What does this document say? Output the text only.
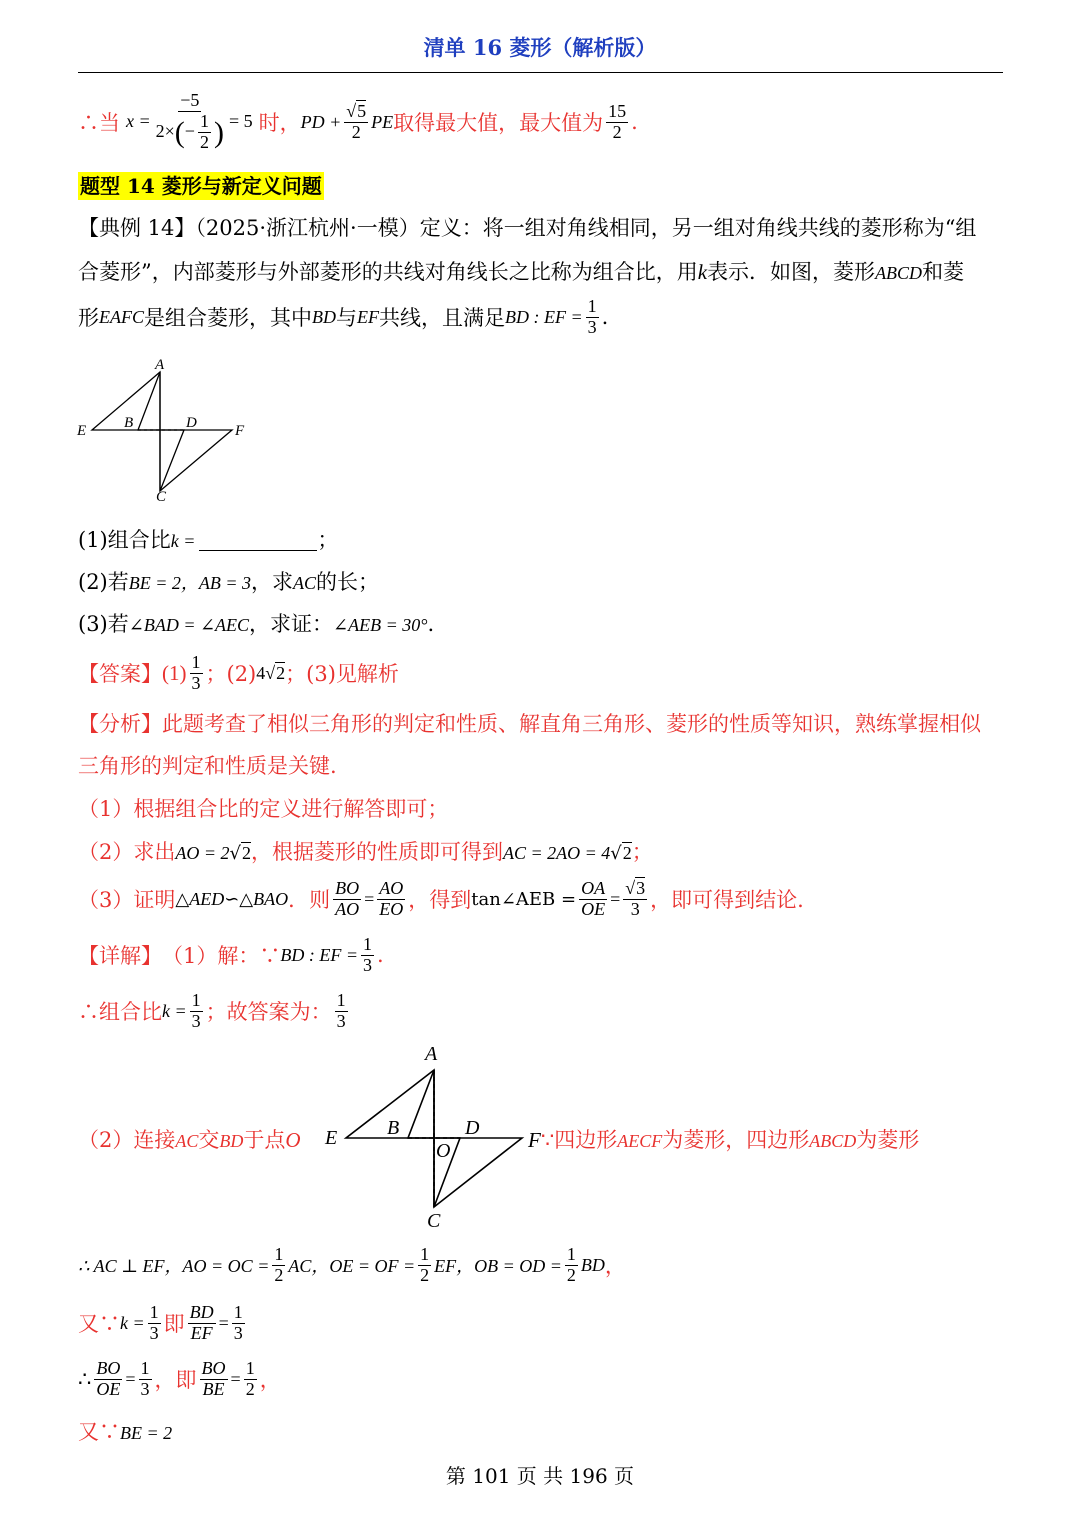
清单 16 菱形（解析版）
∴当 $x = \frac{-5}{2\times ( - \frac{1}{2} )} = 5$ 时， PD + $\frac{√5}{2}$ PE 取得最大值，最大值为 $\frac{15}{2}$ .
题型 14 菱形与新定义问题
【典例 14】（2025·浙江杭州·一模）定义：将一组对角线相同，另一组对角线共线的菱形称为“组
合菱形”，内部菱形与外部菱形的共线对角线长之比称为组合比，用k表示．如图，菱形ABCD和菱
形 EAFC 是组合菱形，其中 BD 与 EF 共线，且满足 BD : EF = $\frac{1}{3}$ .
A
B
C
D
E	F
(1)组合比k =	；
(2)若BE = 2，AB = 3，求AC的长；
(3)若∠BAD = ∠AEC，求证：∠AEB = 30°.
【答案】 $(1) \frac{1}{3}$ ；(2) 4√2 ；(3)见解析
【分析】此题考查了相似三角形的判定和性质、解直角三角形、菱形的性质等知识，熟练掌握相似
三角形的判定和性质是关键.
（1）根据组合比的定义进行解答即可；
（2）求出AO = 2√2，根据菱形的性质即可得到AC = 2AO = 4√2；
（3）证明 △AED∽△BAO ．则 $\frac{BO}{AO} = \frac{AO}{EO}$ ，得到 tan∠AEB = $\frac{OA}{OE} = \frac{√3}{3}$ ，即可得到结论.
【详解】 （1）解：∵ BD : EF = $\frac{1}{3}$ .
∴组合比 $k = \frac{1}{3}$ ；故答案为： $\frac{1}{3}$
（2）连接AC交BD于点O
A
B
C
D
E
O	F∵四边形AECF为菱形，四边形ABCD为菱形
∴ AC ⊥ EF，AO = OC = $\frac{1}{2}$ AC，OE = OF = $\frac{1}{2}$ EF，OB = OD = $\frac{1}{2}$ BD ，
又∵ $k = \frac{1}{3}$ 即 $\frac{BD}{EF} = \frac{1}{3}$
∴ $\frac{BO}{OE} = \frac{1}{3}$ ，即 $\frac{BO}{BE} = \frac{1}{2}$ ，
又∵BE = 2
第 101 页 共 196 页
